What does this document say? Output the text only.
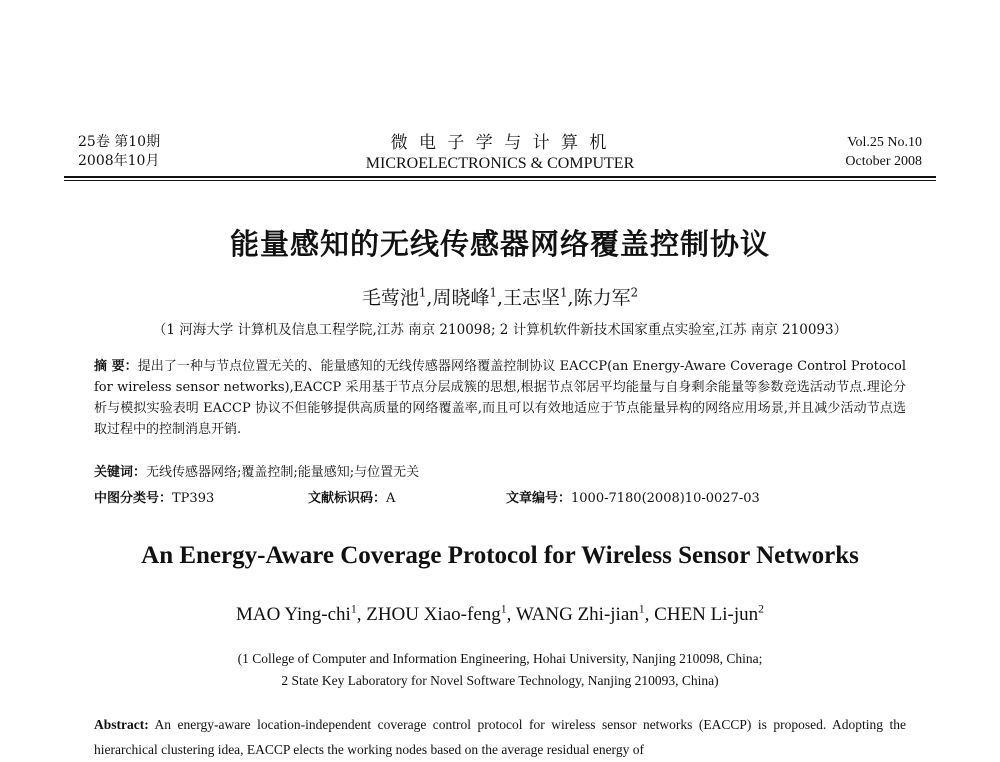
25卷 第10期
2008年10月
微 电 子 学 与 计 算 机
MICROELECTRONICS & COMPUTER
Vol.25 No.10
October 2008
能量感知的无线传感器网络覆盖控制协议
毛莺池$^1$,周晓峰$^1$,王志坚$^1$,陈力军$^2$
（1 河海大学 计算机及信息工程学院,江苏 南京 210098; 2 计算机软件新技术国家重点实验室,江苏 南京 210093）
摘 要：提出了一种与节点位置无关的、能量感知的无线传感器网络覆盖控制协议 EACCP(an Energy-Aware Coverage Control Protocol for wireless sensor networks),EACCP 采用基于节点分层成簇的思想,根据节点邻居平均能量与自身剩余能量等参数竞选活动节点.理论分析与模拟实验表明 EACCP 协议不但能够提供高质量的网络覆盖率,而且可以有效地适应于节点能量异构的网络应用场景,并且减少活动节点选取过程中的控制消息开销.
关键词：无线传感器网络;覆盖控制;能量感知;与位置无关
中图分类号：TP393	文献标识码：A	文章编号：1000-7180(2008)10-0027-03
An Energy-Aware Coverage Protocol for Wireless Sensor Networks
MAO Ying-chi$^1$, ZHOU Xiao-feng$^1$, WANG Zhi-jian$^1$, CHEN Li-jun$^2$
(1 College of Computer and Information Engineering, Hohai University, Nanjing 210098, China;
2 State Key Laboratory for Novel Software Technology, Nanjing 210093, China)
Abstract: An energy-aware location-independent coverage control protocol for wireless sensor networks (EACCP) is proposed. Adopting the hierarchical clustering idea, EACCP elects the working nodes based on the average residual energy of
